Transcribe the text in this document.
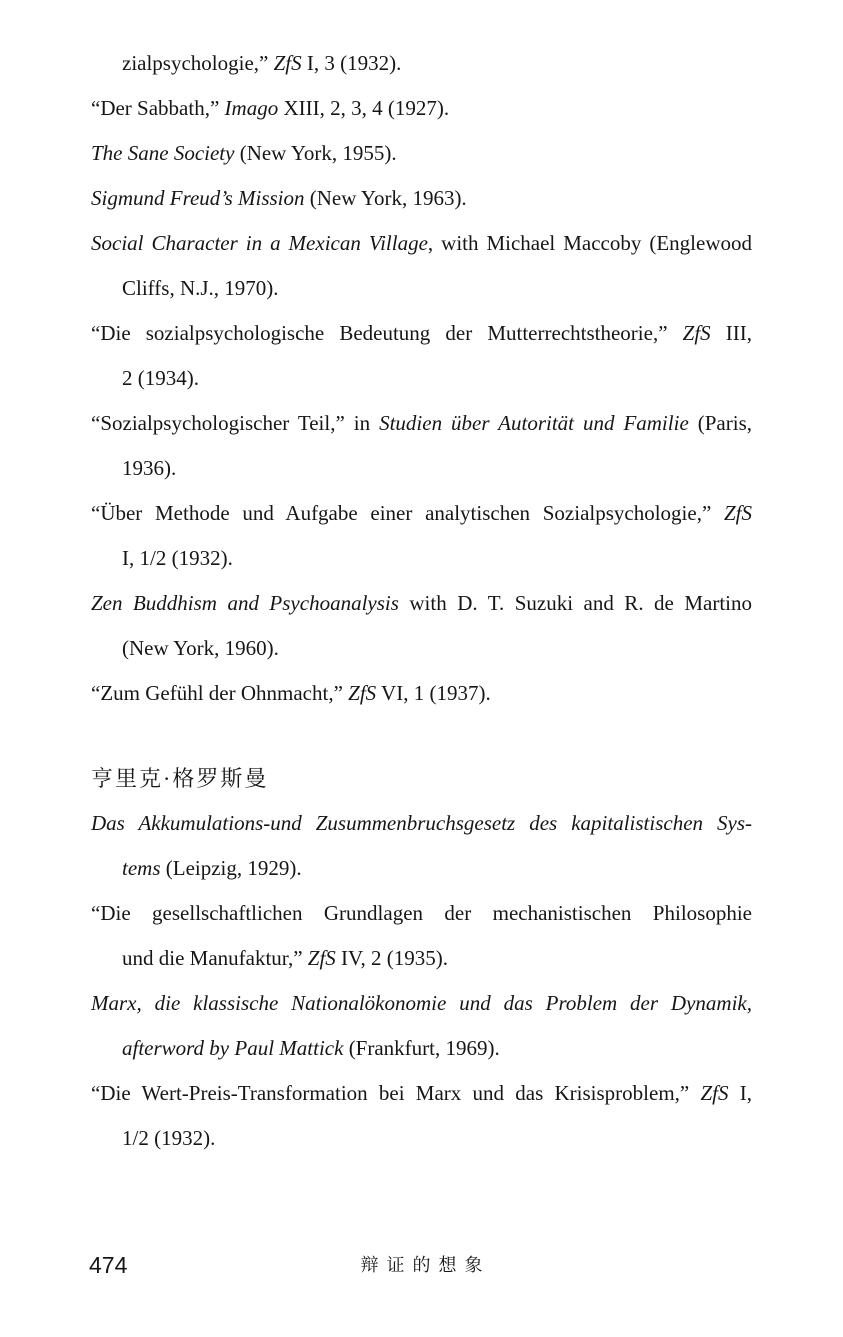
zialpsychologie,” ZfS I, 3 (1932).
“Der Sabbath,” Imago XIII, 2, 3, 4 (1927).
The Sane Society (New York, 1955).
Sigmund Freud’s Mission (New York, 1963).
Social Character in a Mexican Village, with Michael Maccoby (Englewood
Cliffs, N.J., 1970).
“Die sozialpsychologische Bedeutung der Mutterrechtstheorie,” ZfS III,
2 (1934).
“Sozialpsychologischer Teil,” in Studien über Autorität und Familie (Paris,
1936).
“Über Methode und Aufgabe einer analytischen Sozialpsychologie,” ZfS
I, 1/2 (1932).
Zen Buddhism and Psychoanalysis with D. T. Suzuki and R. de Martino
(New York, 1960).
“Zum Gefühl der Ohnmacht,” ZfS VI, 1 (1937).
亨里克·格罗斯曼
Das Akkumulations-und Zusummenbruchsgesetz des kapitalistischen Sys-
tems (Leipzig, 1929).
“Die gesellschaftlichen Grundlagen der mechanistischen Philosophie
und die Manufaktur,” ZfS IV, 2 (1935).
Marx, die klassische Nationalökonomie und das Problem der Dynamik,
afterword by Paul Mattick (Frankfurt, 1969).
“Die Wert-Preis-Transformation bei Marx und das Krisisproblem,” ZfS I,
1/2 (1932).
474	辩证的想象
